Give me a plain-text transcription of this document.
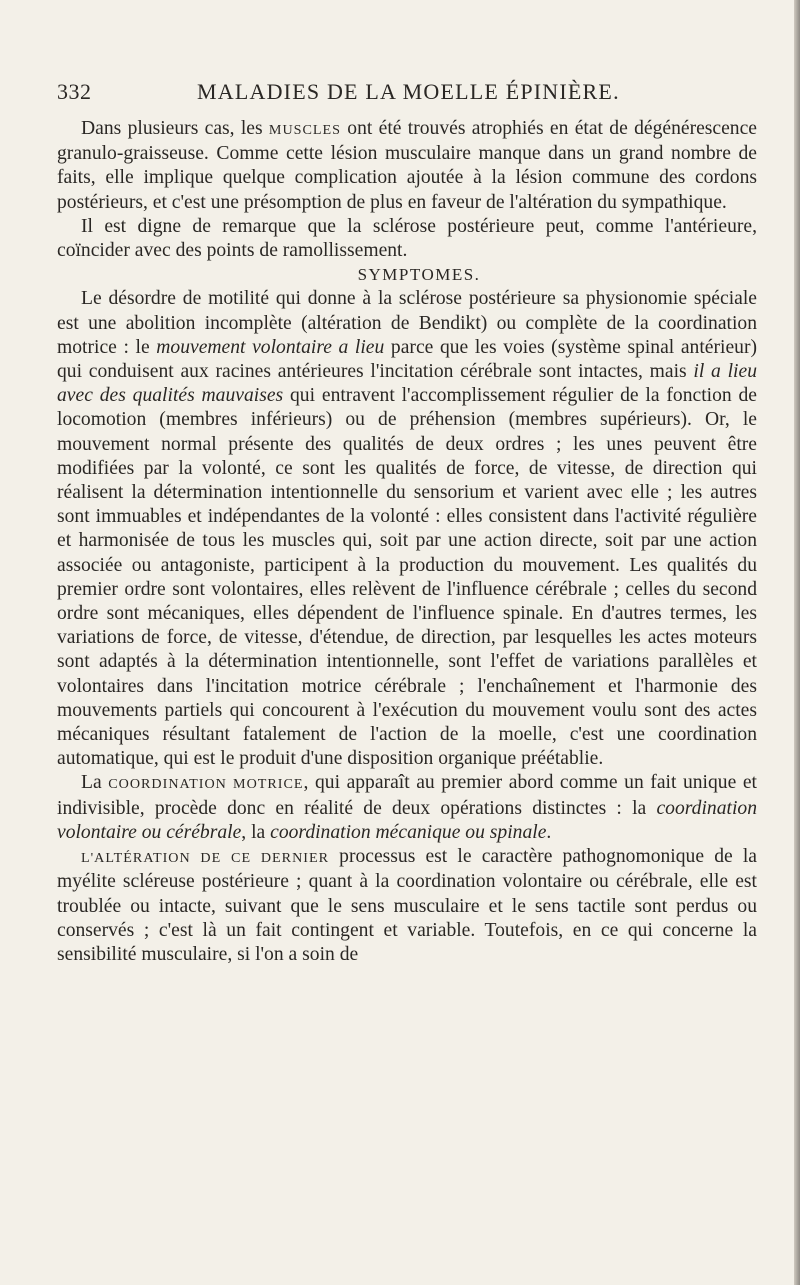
332	MALADIES DE LA MOELLE ÉPINIÈRE.

Dans plusieurs cas, les MUSCLES ont été trouvés atrophiés en état de dégénérescence granulo-graisseuse. Comme cette lésion musculaire manque dans un grand nombre de faits, elle implique quelque complication ajoutée à la lésion commune des cordons postérieurs, et c'est une présomption de plus en faveur de l'altération du sympathique.

Il est digne de remarque que la sclérose postérieure peut, comme l'antérieure, coïncider avec des points de ramollissement.

SYMPTOMES.

Le désordre de motilité qui donne à la sclérose postérieure sa physionomie spéciale est une abolition incomplète (altération de Bendikt) ou complète de la coordination motrice : le mouvement volontaire a lieu parce que les voies (système spinal antérieur) qui conduisent aux racines antérieures l'incitation cérébrale sont intactes, mais il a lieu avec des qualités mauvaises qui entravent l'accomplissement régulier de la fonction de locomotion (membres inférieurs) ou de préhension (membres supérieurs). Or, le mouvement normal présente des qualités de deux ordres ; les unes peuvent être modifiées par la volonté, ce sont les qualités de force, de vitesse, de direction qui réalisent la détermination intentionnelle du sensorium et varient avec elle ; les autres sont immuables et indépendantes de la volonté : elles consistent dans l'activité régulière et harmonisée de tous les muscles qui, soit par une action directe, soit par une action associée ou antagoniste, participent à la production du mouvement. Les qualités du premier ordre sont volontaires, elles relèvent de l'influence cérébrale ; celles du second ordre sont mécaniques, elles dépendent de l'influence spinale. En d'autres termes, les variations de force, de vitesse, d'étendue, de direction, par lesquelles les actes moteurs sont adaptés à la détermination intentionnelle, sont l'effet de variations parallèles et volontaires dans l'incitation motrice cérébrale ; l'enchaînement et l'harmonie des mouvements partiels qui concourent à l'exécution du mouvement voulu sont des actes mécaniques résultant fatalement de l'action de la moelle, c'est une coordination automatique, qui est le produit d'une disposition organique préétablie.

La COORDINATION MOTRICE, qui apparaît au premier abord comme un fait unique et indivisible, procède donc en réalité de deux opérations distinctes : la coordination volontaire ou cérébrale, la coordination mécanique ou spinale.

L'ALTÉRATION DE CE DERNIER processus est le caractère pathognomonique de la myélite scléreuse postérieure ; quant à la coordination volontaire ou cérébrale, elle est troublée ou intacte, suivant que le sens musculaire et le sens tactile sont perdus ou conservés ; c'est là un fait contingent et variable. Toutefois, en ce qui concerne la sensibilité musculaire, si l'on a soin de
